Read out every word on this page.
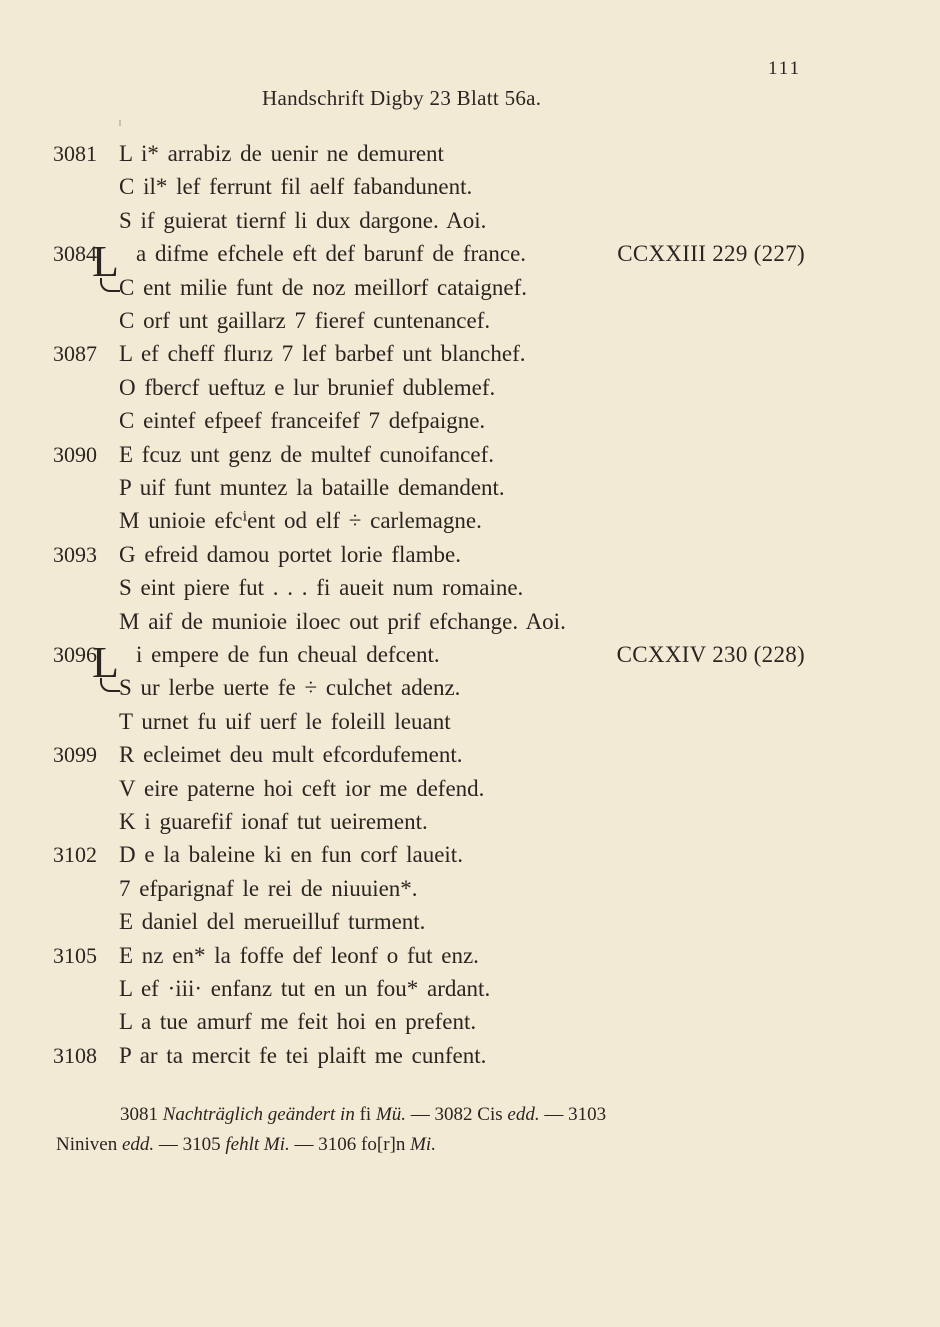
111
Handschrift Digby 23 Blatt 56a.
3081 L i* arrabiz de uenir ne demurent
C il* lef ferrunt fil aelf fabandunent.
S if guierat tiernf li dux dargone. Aoi.
3084
L a difme efchele eft def barunf de france.	CCXXIII 229 (227)
C ent milie funt de noz meillorf cataignef.
C orf unt gaillarz 7 fieref cuntenancef.
3087 L ef cheff flurız 7 lef barbef unt blanchef.
O fbercf ueftuz e lur brunief dublemef.
C eintef efpeef franceifef 7 defpaigne.
3090 E fcuz unt genz de multef cunoifancef.
P uif funt muntez la bataille demandent.
M unioie efcⁱent od elf ÷ carlemagne.
3093 G efreid damou portet lorie flambe.
S eint piere fut . . . fi aueit num romaine.
M aif de munioie iloec out prif efchange. Aoi.
3096
L i empere de fun cheual defcent.	CCXXIV 230 (228)
S ur lerbe uerte fe ÷ culchet adenz.
T urnet fu uif uerf le foleill leuant
3099 R ecleimet deu mult efcordufement.
V eire paterne hoi ceft ior me defend.
K i guarefif ionaf tut ueirement.
3102 D e la baleine ki en fun corf laueit.
7 efparignaf le rei de niuuien*.
E daniel del merueilluf turment.
3105 E nz en* la foffe def leonf o fut enz.
L ef ·iii· enfanz tut en un fou* ardant.
L a tue amurf me feit hoi en prefent.
3108 P ar ta mercit fe tei plaift me cunfent.
3081 Nachträglich geändert in fi Mü. — 3082 Cis edd. — 3103
Niniven edd. — 3105 fehlt Mi. — 3106 fo[r]n Mi.
